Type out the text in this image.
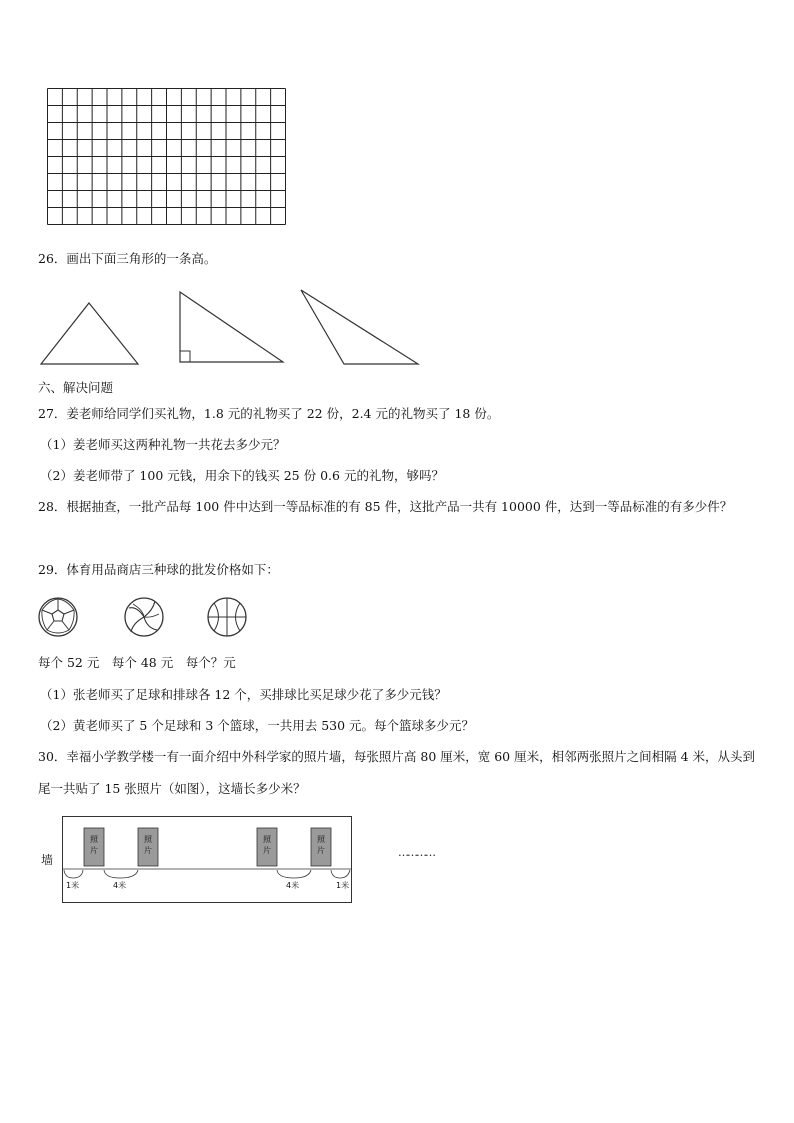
26．画出下面三角形的一条高。
六、解决问题
27．姜老师给同学们买礼物，1.8 元的礼物买了 22 份，2.4 元的礼物买了 18 份。
（1）姜老师买这两种礼物一共花去多少元？
（2）姜老师带了 100 元钱，用余下的钱买 25 份 0.6 元的礼物，够吗？
28．根据抽查，一批产品每 100 件中达到一等品标准的有 85 件，这批产品一共有 10000 件，达到一等品标准的有多少件？
29．体育用品商店三种球的批发价格如下：
每个 52 元　每个 48 元　每个？元
（1）张老师买了足球和排球各 12 个，买排球比买足球少花了多少元钱？
（2）黄老师买了 5 个足球和 3 个篮球，一共用去 530 元。每个篮球多少元？
30．幸福小学教学楼一有一面介绍中外科学家的照片墙，每张照片高 80 厘米，宽 60 厘米，相邻两张照片之间相隔 4 米，从头到尾一共贴了 15 张照片（如图），这墙长多少米？
墙
照
片
照
片
照
片
照
片
1米	4米	4米	1米
…………
